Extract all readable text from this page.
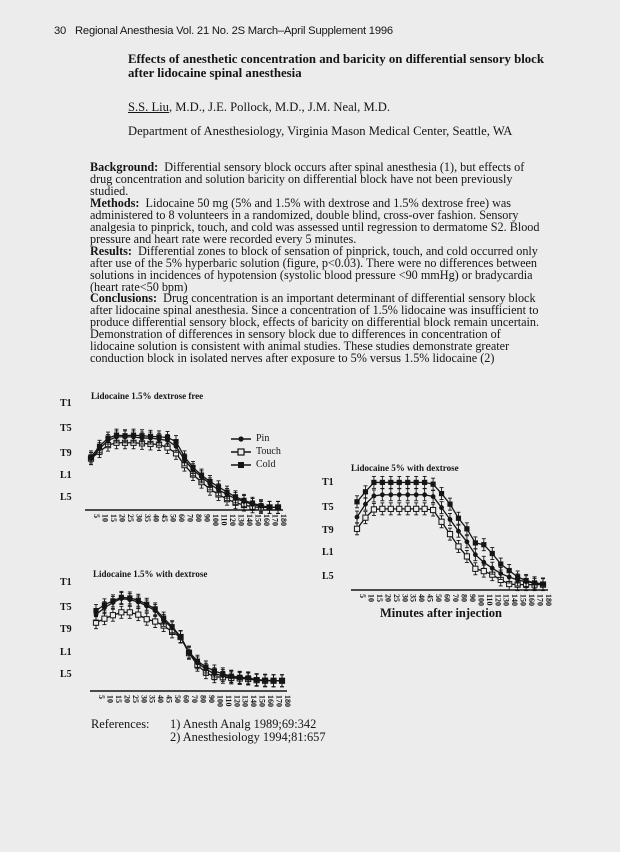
30 Regional Anesthesia Vol. 21 No. 2S March–April Supplement 1996
Effects of anesthetic concentration and baricity on differential sensory block after lidocaine spinal anesthesia
S.S. Liu, M.D., J.E. Pollock, M.D., J.M. Neal, M.D.
Department of Anesthesiology, Virginia Mason Medical Center, Seattle, WA

Background: Differential sensory block occurs after spinal anesthesia (1), but effects of drug concentration and solution baricity on differential block have not been previously studied.

Methods: Lidocaine 50 mg (5% and 1.5% with dextrose and 1.5% dextrose free) was administered to 8 volunteers in a randomized, double blind, cross-over fashion. Sensory analgesia to pinprick, touch, and cold was assessed until regression to dermatome S2. Blood pressure and heart rate were recorded every 5 minutes.

Results: Differential zones to block of sensation of pinprick, touch, and cold occurred only after use of the 5% hyperbaric solution (figure, p<0.03). There were no differences between solutions in incidences of hypotension (systolic blood pressure <90 mmHg) or bradycardia (heart rate<50 bpm)

Conclusions: Drug concentration is an important determinant of differential sensory block after lidocaine spinal anesthesia. Since a concentration of 1.5% lidocaine was insufficient to produce differential sensory block, effects of baricity on differential block remain uncertain. Demonstration of differences in sensory block due to differences in concentration of lidocaine solution is consistent with animal studies. These studies demonstrate greater conduction block in isolated nerves after exposure to 5% versus 1.5% lidocaine (2)

Lidocaine 1.5% dextrose free
T1
T5
T9
L1
L5
5 10 15 20 25 30 35 40 45 50 60 70 80 90 100 110 120 130 140 150 160 170 180
Pin
Touch
Cold	Lidocaine 5% with dextrose
T1
T5
T9
L1
L5
5 10 15 20 25 30 35 40 45 50 60 70 80 90 100 110 120 130 140 150 160 170 180
Minutes after injection
Lidocaine 1.5% with dextrose
T1
T5
T9
L1
L5
5 10 15 20 25 30 35 40 45 50 60 70 80 90 100 110 120 130 140 150 160 170 180
References: 1) Anesth Analg 1989;69:342
2) Anesthesiology 1994;81:657
